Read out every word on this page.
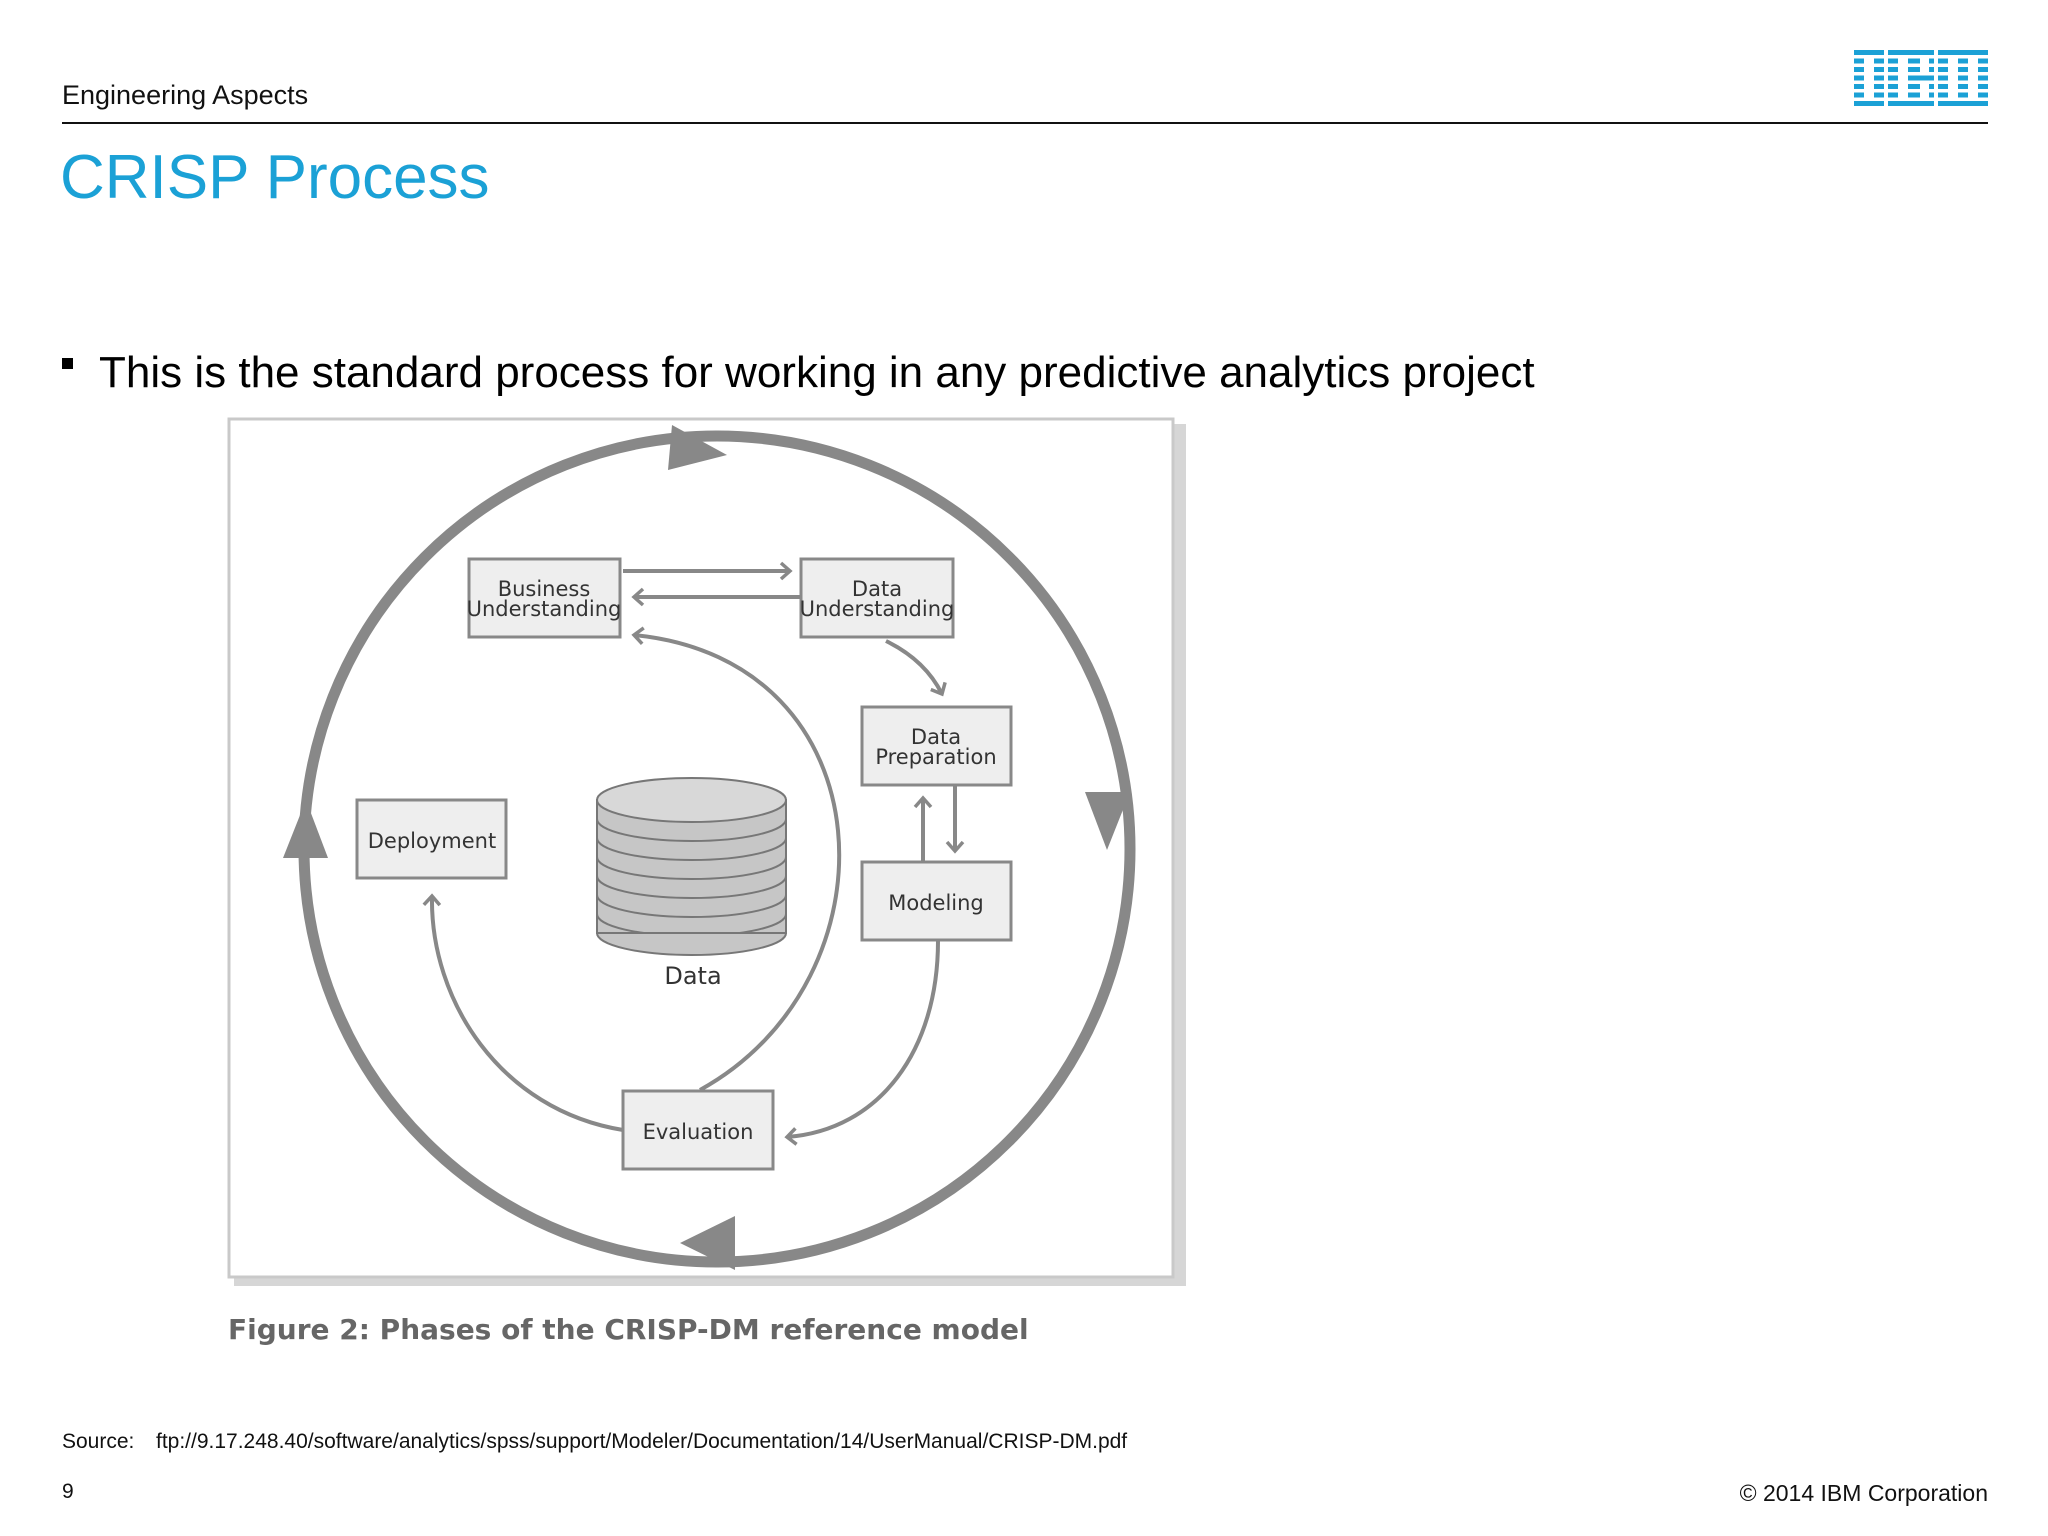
Engineering Aspects
CRISP Process
This is the standard process for working in any predictive analytics project
Business
Understanding
Data
Understanding
Data
Preparation
Modeling
Evaluation
Deployment
Data
Figure 2: Phases of the CRISP-DM reference model
Source:	ftp://9.17.248.40/software/analytics/spss/support/Modeler/Documentation/14/UserManual/CRISP-DM.pdf
9	© 2014 IBM Corporation
